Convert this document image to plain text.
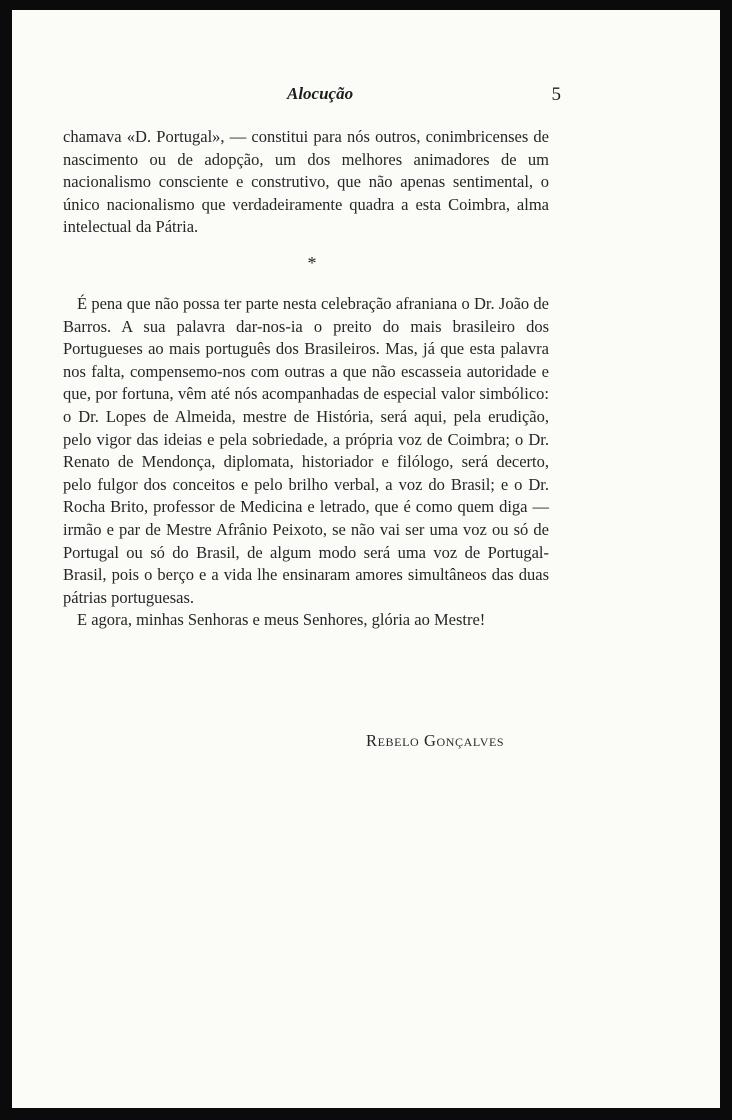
Alocução	5

chamava «D. Portugal», — constitui para nós outros, conimbricenses de nascimento ou de adopção, um dos melhores animadores de um nacionalismo consciente e construtivo, que não apenas sentimental, o único nacionalismo que verdadeiramente quadra a esta Coimbra, alma intelectual da Pátria.

*

É pena que não possa ter parte nesta celebração afraniana o Dr. João de Barros. A sua palavra dar-nos-ia o preito do mais brasileiro dos Portugueses ao mais português dos Brasileiros. Mas, já que esta palavra nos falta, compensemo-nos com outras a que não escasseia autoridade e que, por fortuna, vêm até nós acompanhadas de especial valor simbólico: o Dr. Lopes de Almeida, mestre de História, será aqui, pela erudição, pelo vigor das ideias e pela sobriedade, a própria voz de Coimbra; o Dr. Renato de Mendonça, diplomata, historiador e filólogo, será decerto, pelo fulgor dos conceitos e pelo brilho verbal, a voz do Brasil; e o Dr. Rocha Brito, professor de Medicina e letrado, que é como quem diga — irmão e par de Mestre Afrânio Peixoto, se não vai ser uma voz ou só de Portugal ou só do Brasil, de algum modo será uma voz de Portugal-Brasil, pois o berço e a vida lhe ensinaram amores simultâneos das duas pátrias portuguesas.

E agora, minhas Senhoras e meus Senhores, glória ao Mestre!

Rebelo Gonçalves
